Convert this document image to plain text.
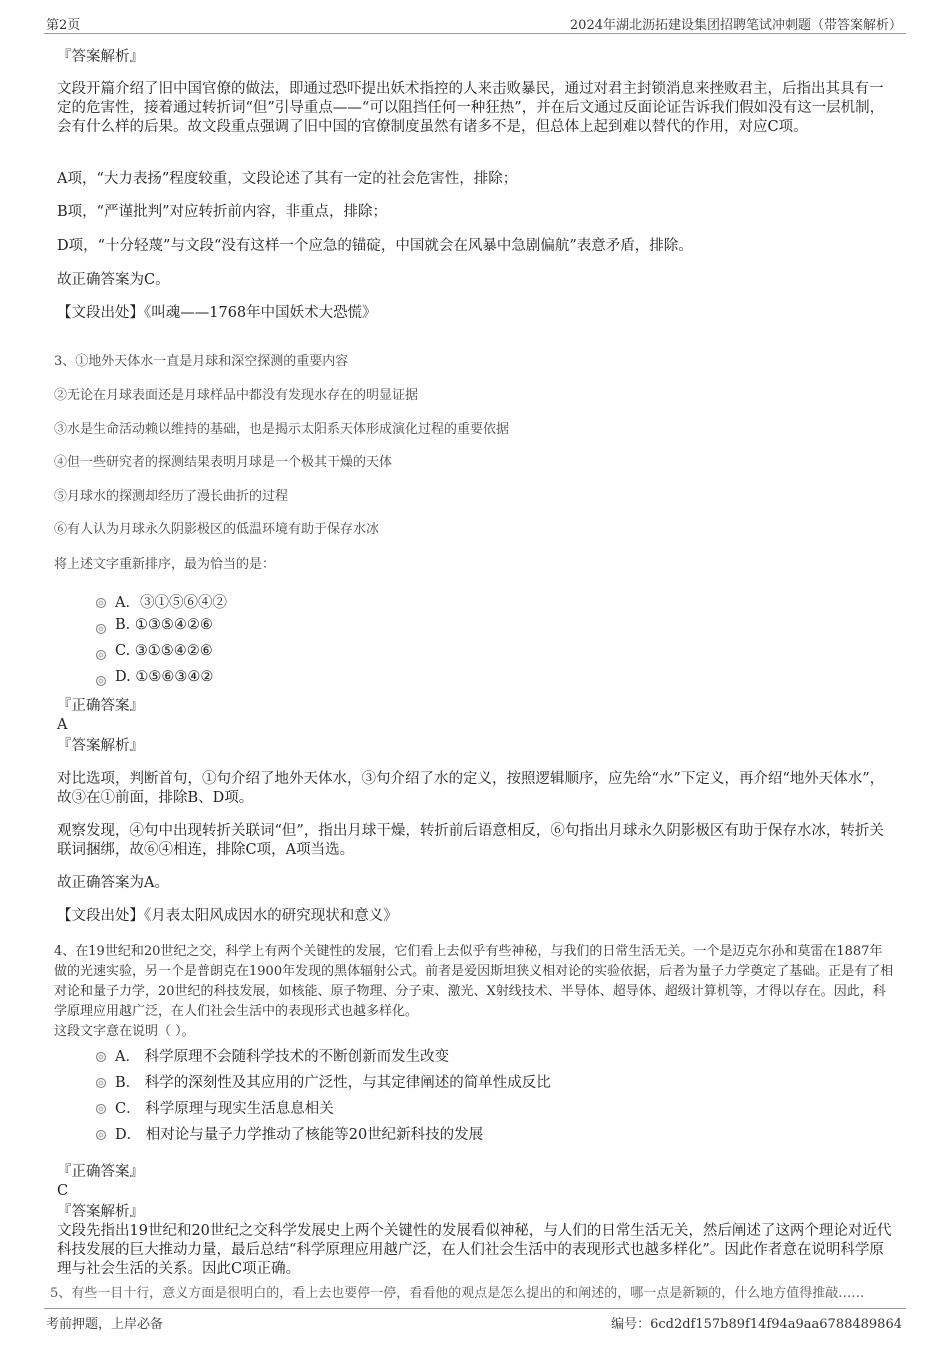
第2页	2024年湖北沥拓建设集团招聘笔试冲刺题（带答案解析）

『答案解析』

文段开篇介绍了旧中国官僚的做法，即通过恐吓提出妖术指控的人来击败暴民，通过对君主封锁消息来挫败君主，后指出其具有一定的危害性，接着通过转折词“但”引导重点——“可以阻挡任何一种狂热”，并在后文通过反面论证告诉我们假如没有这一层机制，会有什么样的后果。故文段重点强调了旧中国的官僚制度虽然有诸多不是，但总体上起到难以替代的作用，对应C项。

A项，“大力表扬”程度较重，文段论述了其有一定的社会危害性，排除；

B项，“严谨批判”对应转折前内容，非重点，排除；

D项，“十分轻蔑”与文段“没有这样一个应急的锚碇，中国就会在风暴中急剧偏航”表意矛盾，排除。

故正确答案为C。

【文段出处】《叫魂——1768年中国妖术大恐慌》

3、①地外天体水一直是月球和深空探测的重要内容

②无论在月球表面还是月球样品中都没有发现水存在的明显证据

③水是生命活动赖以维持的基础，也是揭示太阳系天体形成演化过程的重要依据

④但一些研究者的探测结果表明月球是一个极其干燥的天体

⑤月球水的探测却经历了漫长曲折的过程

⑥有人认为月球永久阴影极区的低温环境有助于保存水冰

将上述文字重新排序，最为恰当的是：

A．③①⑤⑥④②
B. ①③⑤④②⑥
C. ③①⑤④②⑥
D. ①⑤⑥③④②

『正确答案』

A

『答案解析』

对比选项，判断首句，①句介绍了地外天体水，③句介绍了水的定义，按照逻辑顺序，应先给“水”下定义，再介绍“地外天体水”，故③在①前面，排除B、D项。

观察发现，④句中出现转折关联词“但”，指出月球干燥，转折前后语意相反，⑥句指出月球永久阴影极区有助于保存水冰，转折关联词捆绑，故⑥④相连，排除C项，A项当选。

故正确答案为A。

【文段出处】《月表太阳风成因水的研究现状和意义》

4、在19世纪和20世纪之交，科学上有两个关键性的发展，它们看上去似乎有些神秘，与我们的日常生活无关。一个是迈克尔孙和莫雷在1887年做的光速实验，另一个是普朗克在1900年发现的黑体辐射公式。前者是爱因斯坦狭义相对论的实验依据，后者为量子力学奠定了基础。正是有了相对论和量子力学，20世纪的科技发展，如核能、原子物理、分子束、激光、X射线技术、半导体、超导体、超级计算机等，才得以存在。因此，科学原理应用越广泛，在人们社会生活中的表现形式也越多样化。

这段文字意在说明（ ）。

A． 科学原理不会随科学技术的不断创新而发生改变
B． 科学的深刻性及其应用的广泛性，与其定律阐述的简单性成反比
C． 科学原理与现实生活息息相关
D． 相对论与量子力学推动了核能等20世纪新科技的发展

『正确答案』

C

『答案解析』

文段先指出19世纪和20世纪之交科学发展史上两个关键性的发展看似神秘，与人们的日常生活无关，然后阐述了这两个理论对近代科技发展的巨大推动力量，最后总结“科学原理应用越广泛，在人们社会生活中的表现形式也越多样化”。因此作者意在说明科学原理与社会生活的关系。因此C项正确。

5、有些一目十行，意义方面是很明白的，看上去也要停一停，看看他的观点是怎么提出的和阐述的，哪一点是新颖的，什么地方值得推敲……
考前押题，上岸必备	编号：6cd2df157b89f14f94a9aa6788489864
